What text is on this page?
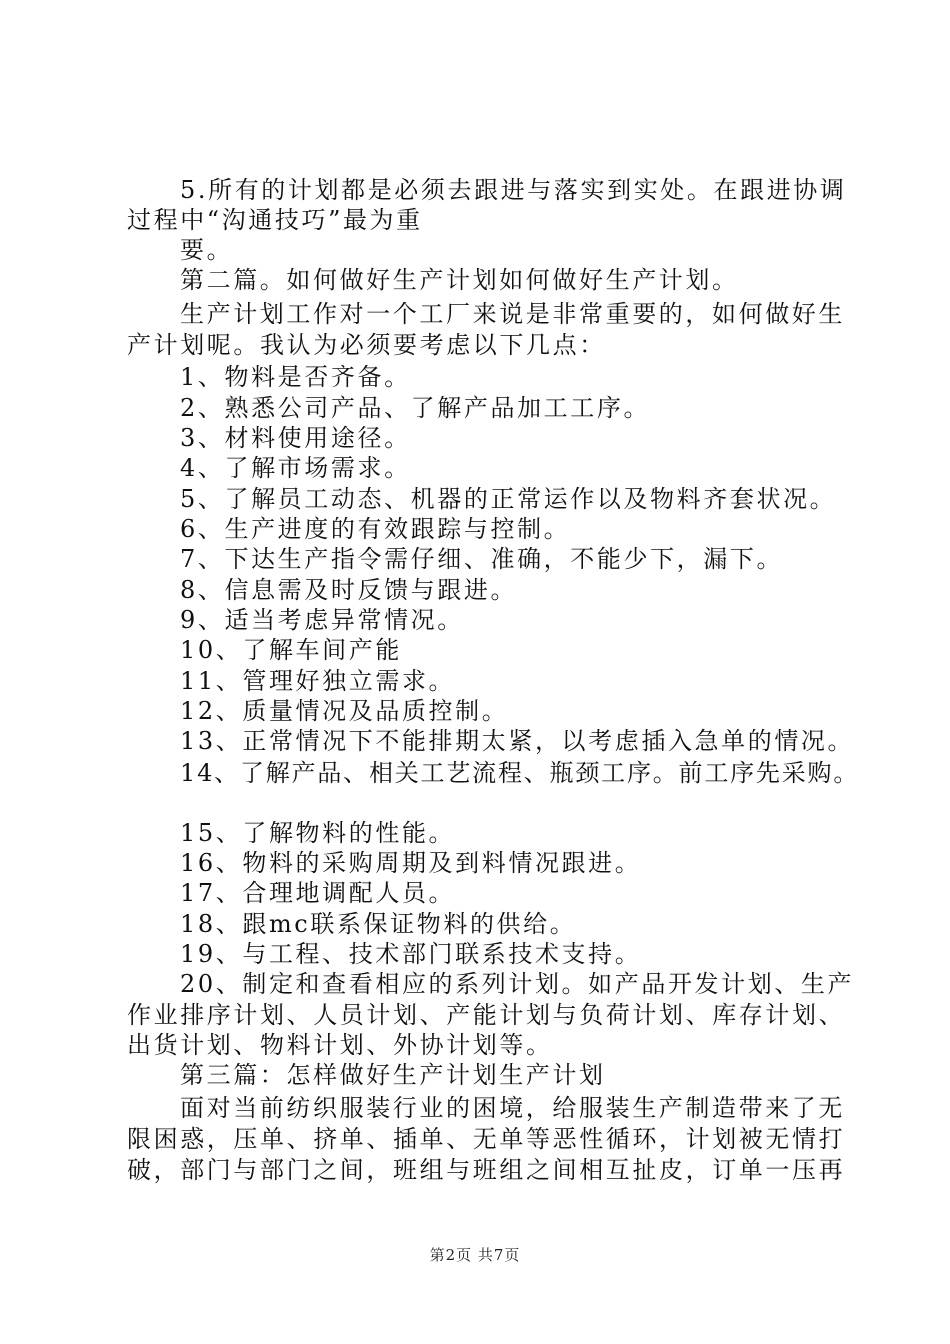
5.所有的计划都是必须去跟进与落实到实处。在跟进协调
过程中“沟通技巧”最为重
要。
第二篇。如何做好生产计划如何做好生产计划。
生产计划工作对一个工厂来说是非常重要的，如何做好生
产计划呢。我认为必须要考虑以下几点：
1、物料是否齐备。
2、熟悉公司产品、了解产品加工工序。
3、材料使用途径。
4、了解市场需求。
5、了解员工动态、机器的正常运作以及物料齐套状况。
6、生产进度的有效跟踪与控制。
7、下达生产指令需仔细、准确，不能少下，漏下。
8、信息需及时反馈与跟进。
9、适当考虑异常情况。
10、了解车间产能
11、管理好独立需求。
12、质量情况及品质控制。
13、正常情况下不能排期太紧，以考虑插入急单的情况。
14、了解产品、相关工艺流程、瓶颈工序。前工序先采购。
15、了解物料的性能。
16、物料的采购周期及到料情况跟进。
17、合理地调配人员。
18、跟mc联系保证物料的供给。
19、与工程、技术部门联系技术支持。
20、制定和查看相应的系列计划。如产品开发计划、生产
作业排序计划、人员计划、产能计划与负荷计划、库存计划、
出货计划、物料计划、外协计划等。
第三篇：怎样做好生产计划生产计划
面对当前纺织服装行业的困境，给服装生产制造带来了无
限困惑，压单、挤单、插单、无单等恶性循环，计划被无情打
破，部门与部门之间，班组与班组之间相互扯皮，订单一压再
第2页 共7页
